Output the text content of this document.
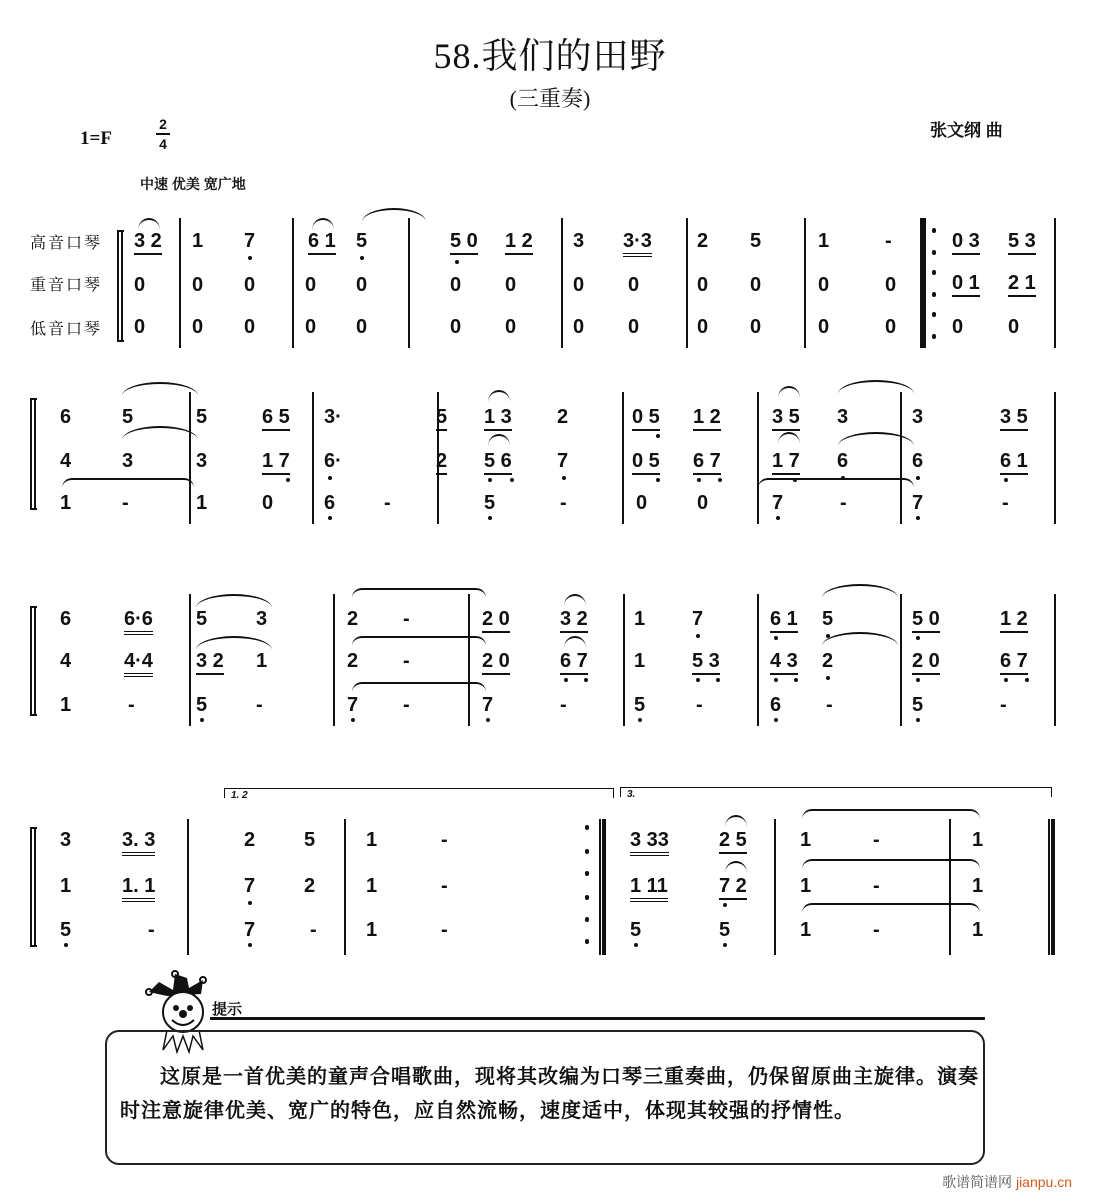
58.我们的田野
(三重奏)
张文纲 曲
1=F
2
4
中速 优美 宽广地
高音口琴
重音口琴
低音口琴
3 2 1 7	6 1 5	5 0 1 2 3 3·3 2 5	1	-	0 3 5 3
0 0 0 0 0	0 0	0 0	0 0	0	0	0 1 2 1
0 0 0 0 0	0 0	0 0	0 0	0	0	0 0
6	5	5	6 5 3·	5 1 3 2	0 5 1 2	3 5 3	3	3 5
4	3	3	1 7 6·	2 5 6 7	0 5 6 7	1 7 6	6	6 1
1	-	1	0	6 -	5	-	0 0	7	-	7	-
6	6·6 5 3	2 -	2 0	3 2 1 7	6 1 5	5 0	1 2
4	4·4 3 2 1	2 -	2 0	6 7 1 5 3	4 3 2	2 0	6 7
1	-	5 -	7 -	7	-	5	-	6 -	5	-
1. 2	3.
3	3. 3	2 5	1	-	3 33	2 5	1	-	1
1	1. 1	7 2	1	-	1 11	7 2	1	-	1
5	-	7	- 1	-	5	5	1	-	1
提示
这原是一首优美的童声合唱歌曲，现将其改编为口琴三重奏曲，仍保留原曲主旋律。演奏时注意旋律优美、宽广的特色，应自然流畅，速度适中，体现其较强的抒情性。
歌谱简谱网 jianpu.cn
